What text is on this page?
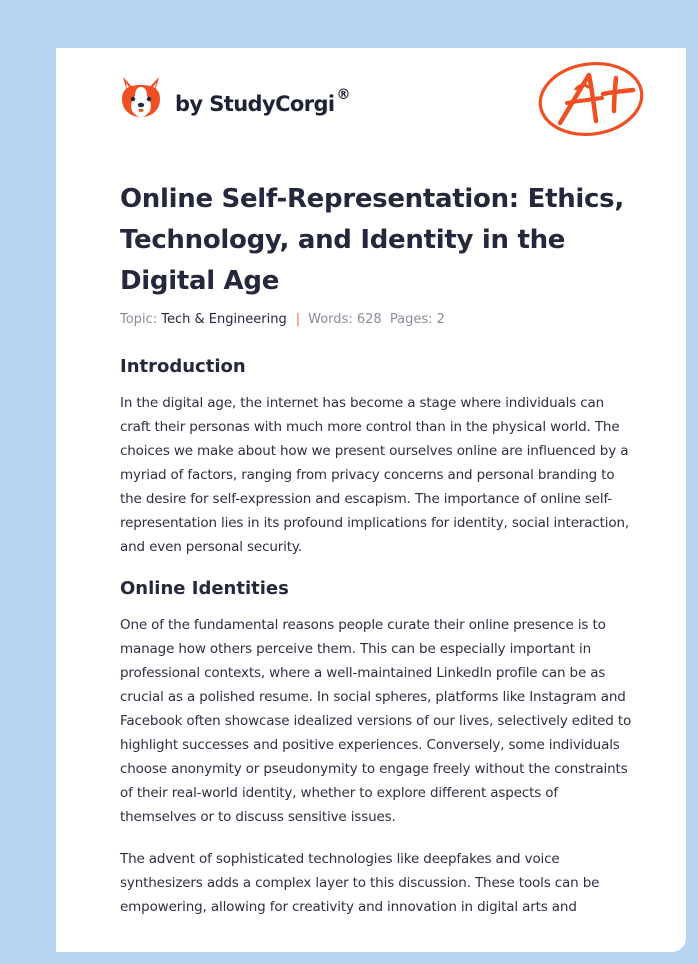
by StudyCorgi ®
Online Self-Representation: Ethics, Technology, and Identity in the Digital Age
Topic: Tech & Engineering | Words: 628 Pages: 2
Introduction

In the digital age, the internet has become a stage where individuals can craft their personas with much more control than in the physical world. The choices we make about how we present ourselves online are influenced by a myriad of factors, ranging from privacy concerns and personal branding to the desire for self-expression and escapism. The importance of online self-representation lies in its profound implications for identity, social interaction, and even personal security.

Online Identities

One of the fundamental reasons people curate their online presence is to manage how others perceive them. This can be especially important in professional contexts, where a well-maintained LinkedIn profile can be as crucial as a polished resume. In social spheres, platforms like Instagram and Facebook often showcase idealized versions of our lives, selectively edited to highlight successes and positive experiences. Conversely, some individuals choose anonymity or pseudonymity to engage freely without the constraints of their real-world identity, whether to explore different aspects of themselves or to discuss sensitive issues.

The advent of sophisticated technologies like deepfakes and voice synthesizers adds a complex layer to this discussion. These tools can be empowering, allowing for creativity and innovation in digital arts and
